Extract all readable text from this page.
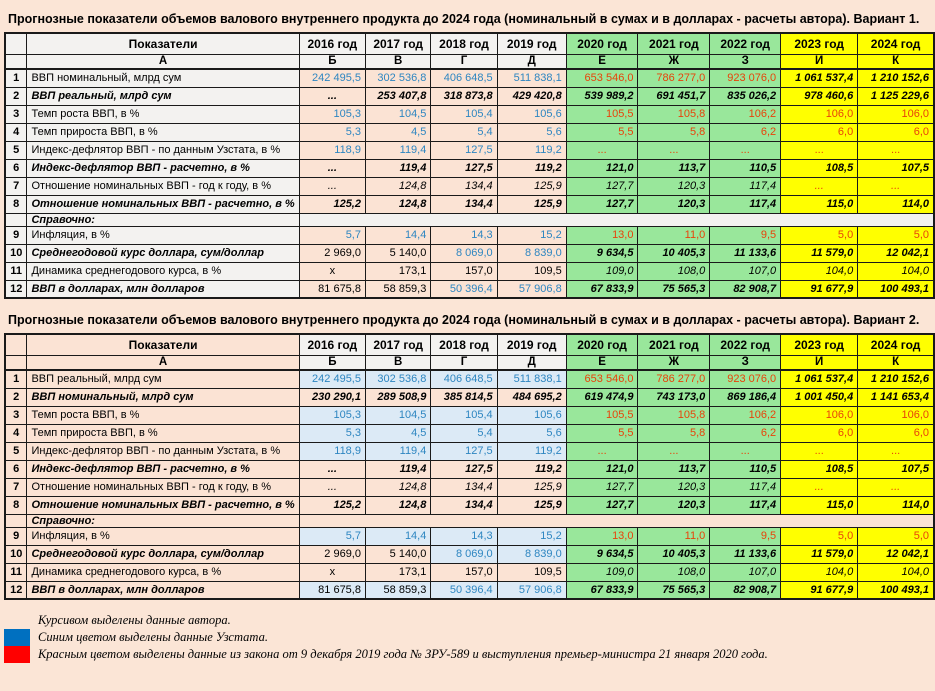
Прогнозные показатели объемов валового внутреннего продукта до 2024 года (номинальный в сумах и в долларах - расчеты автора). Вариант 1.
	Показатели	2016 год	2017 год	2018 год	2019 год	2020 год	2021 год	2022 год	2023 год	2024 год
	А	Б	В	Г	Д	Е	Ж	З	И	К
1	ВВП номинальный, млрд сум	242 495,5	302 536,8	406 648,5	511 838,1	653 546,0	786 277,0	923 076,0	1 061 537,4	1 210 152,6
2	ВВП реальный, млрд сум	...	253 407,8	318 873,8	429 420,8	539 989,2	691 451,7	835 026,2	978 460,6	1 125 229,6
3	Темп роста ВВП, в %	105,3	104,5	105,4	105,6	105,5	105,8	106,2	106,0	106,0
4	Темп прироста ВВП, в %	5,3	4,5	5,4	5,6	5,5	5,8	6,2	6,0	6,0
5	Индекс-дефлятор ВВП - по данным Узстата, в %	118,9	119,4	127,5	119,2	...	...	...	...	...
6	Индекс-дефлятор ВВП - расчетно, в %	...	119,4	127,5	119,2	121,0	113,7	110,5	108,5	107,5
7	Отношение номинальных ВВП - год к году, в %	...	124,8	134,4	125,9	127,7	120,3	117,4	...	...
8	Отношение номинальных ВВП - расчетно, в %	125,2	124,8	134,4	125,9	127,7	120,3	117,4	115,0	114,0
	Справочно:									
9	Инфляция, в %	5,7	14,4	14,3	15,2	13,0	11,0	9,5	5,0	5,0
10	Среднегодовой курс доллара, сум/доллар	2 969,0	5 140,0	8 069,0	8 839,0	9 634,5	10 405,3	11 133,6	11 579,0	12 042,1
11	Динамика среднегодового курса, в %	x	173,1	157,0	109,5	109,0	108,0	107,0	104,0	104,0
12	ВВП в долларах, млн долларов	81 675,8	58 859,3	50 396,4	57 906,8	67 833,9	75 565,3	82 908,7	91 677,9	100 493,1
Прогнозные показатели объемов валового внутреннего продукта до 2024 года (номинальный в сумах и в долларах - расчеты автора). Вариант 2.
	Показатели	2016 год	2017 год	2018 год	2019 год	2020 год	2021 год	2022 год	2023 год	2024 год
	А	Б	В	Г	Д	Е	Ж	З	И	К
1	ВВП реальный, млрд сум	242 495,5	302 536,8	406 648,5	511 838,1	653 546,0	786 277,0	923 076,0	1 061 537,4	1 210 152,6
2	ВВП номинальный, млрд сум	230 290,1	289 508,9	385 814,5	484 695,2	619 474,9	743 173,0	869 186,4	1 001 450,4	1 141 653,4
3	Темп роста ВВП, в %	105,3	104,5	105,4	105,6	105,5	105,8	106,2	106,0	106,0
4	Темп прироста ВВП, в %	5,3	4,5	5,4	5,6	5,5	5,8	6,2	6,0	6,0
5	Индекс-дефлятор ВВП - по данным Узстата, в %	118,9	119,4	127,5	119,2	...	...	...	...	...
6	Индекс-дефлятор ВВП - расчетно, в %	...	119,4	127,5	119,2	121,0	113,7	110,5	108,5	107,5
7	Отношение номинальных ВВП - год к году, в %	...	124,8	134,4	125,9	127,7	120,3	117,4	...	...
8	Отношение номинальных ВВП - расчетно, в %	125,2	124,8	134,4	125,9	127,7	120,3	117,4	115,0	114,0
	Справочно:									
9	Инфляция, в %	5,7	14,4	14,3	15,2	13,0	11,0	9,5	5,0	5,0
10	Среднегодовой курс доллара, сум/доллар	2 969,0	5 140,0	8 069,0	8 839,0	9 634,5	10 405,3	11 133,6	11 579,0	12 042,1
11	Динамика среднегодового курса, в %	x	173,1	157,0	109,5	109,0	108,0	107,0	104,0	104,0
12	ВВП в долларах, млн долларов	81 675,8	58 859,3	50 396,4	57 906,8	67 833,9	75 565,3	82 908,7	91 677,9	100 493,1
Курсивом выделены данные автора.
Синим цветом выделены данные Узстата.
Красным цветом выделены данные из закона от 9 декабря 2019 года № ЗРУ-589 и выступления премьер-министра 21 января 2020 года.
